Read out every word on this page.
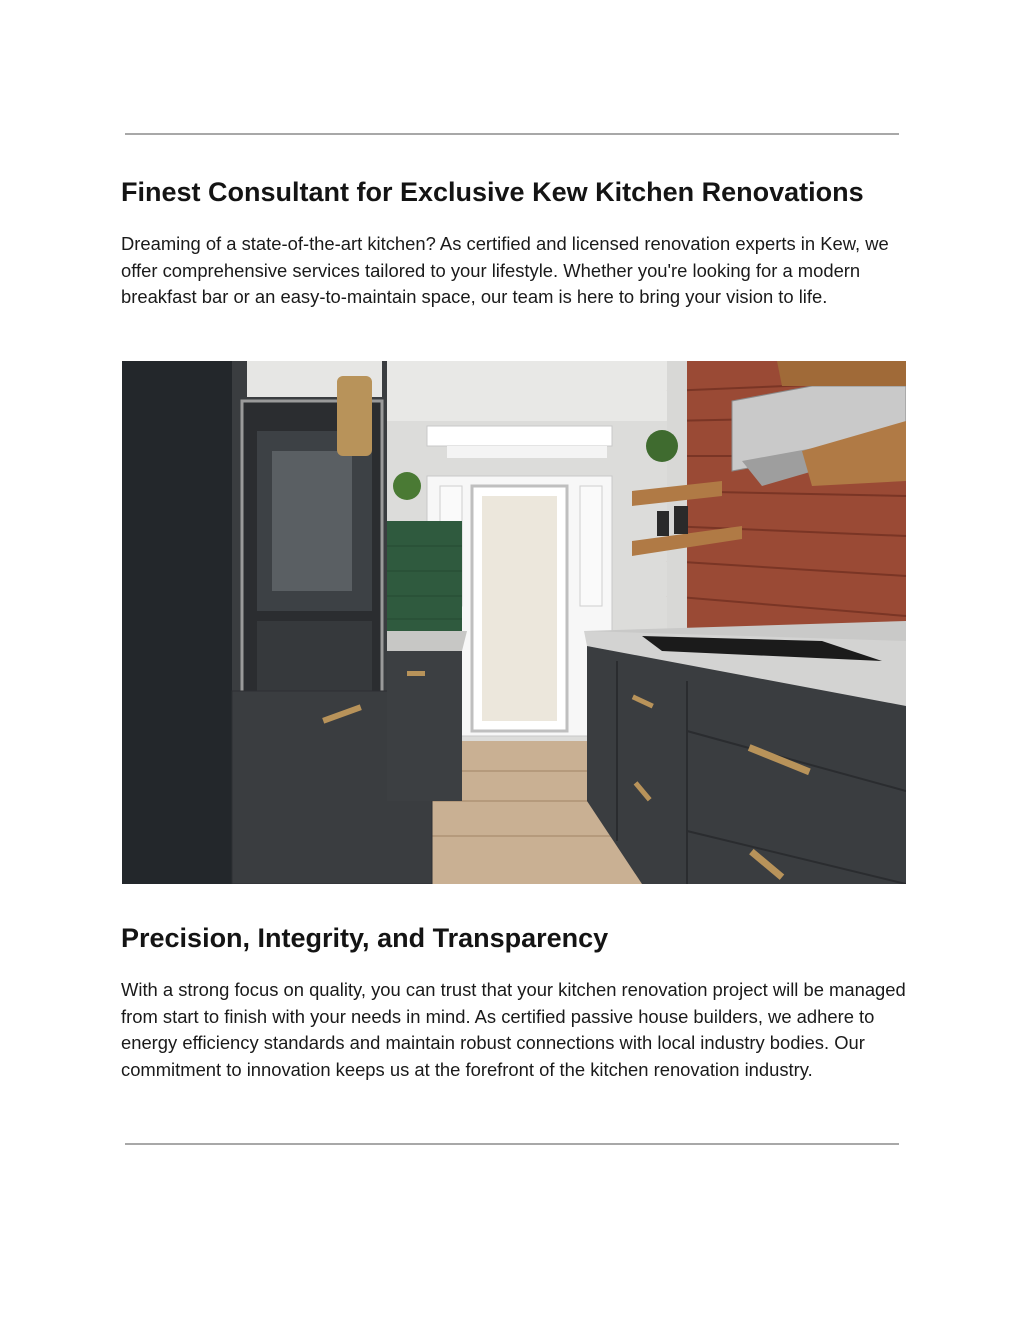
Finest Consultant for Exclusive Kew Kitchen Renovations

Dreaming of a state-of-the-art kitchen? As certified and licensed renovation experts in Kew, we offer comprehensive services tailored to your lifestyle. Whether you're looking for a modern breakfast bar or an easy-to-maintain space, our team is here to bring your vision to life.

Precision, Integrity, and Transparency

With a strong focus on quality, you can trust that your kitchen renovation project will be managed from start to finish with your needs in mind. As certified passive house builders, we adhere to energy efficiency standards and maintain robust connections with local industry bodies. Our commitment to innovation keeps us at the forefront of the kitchen renovation industry.
